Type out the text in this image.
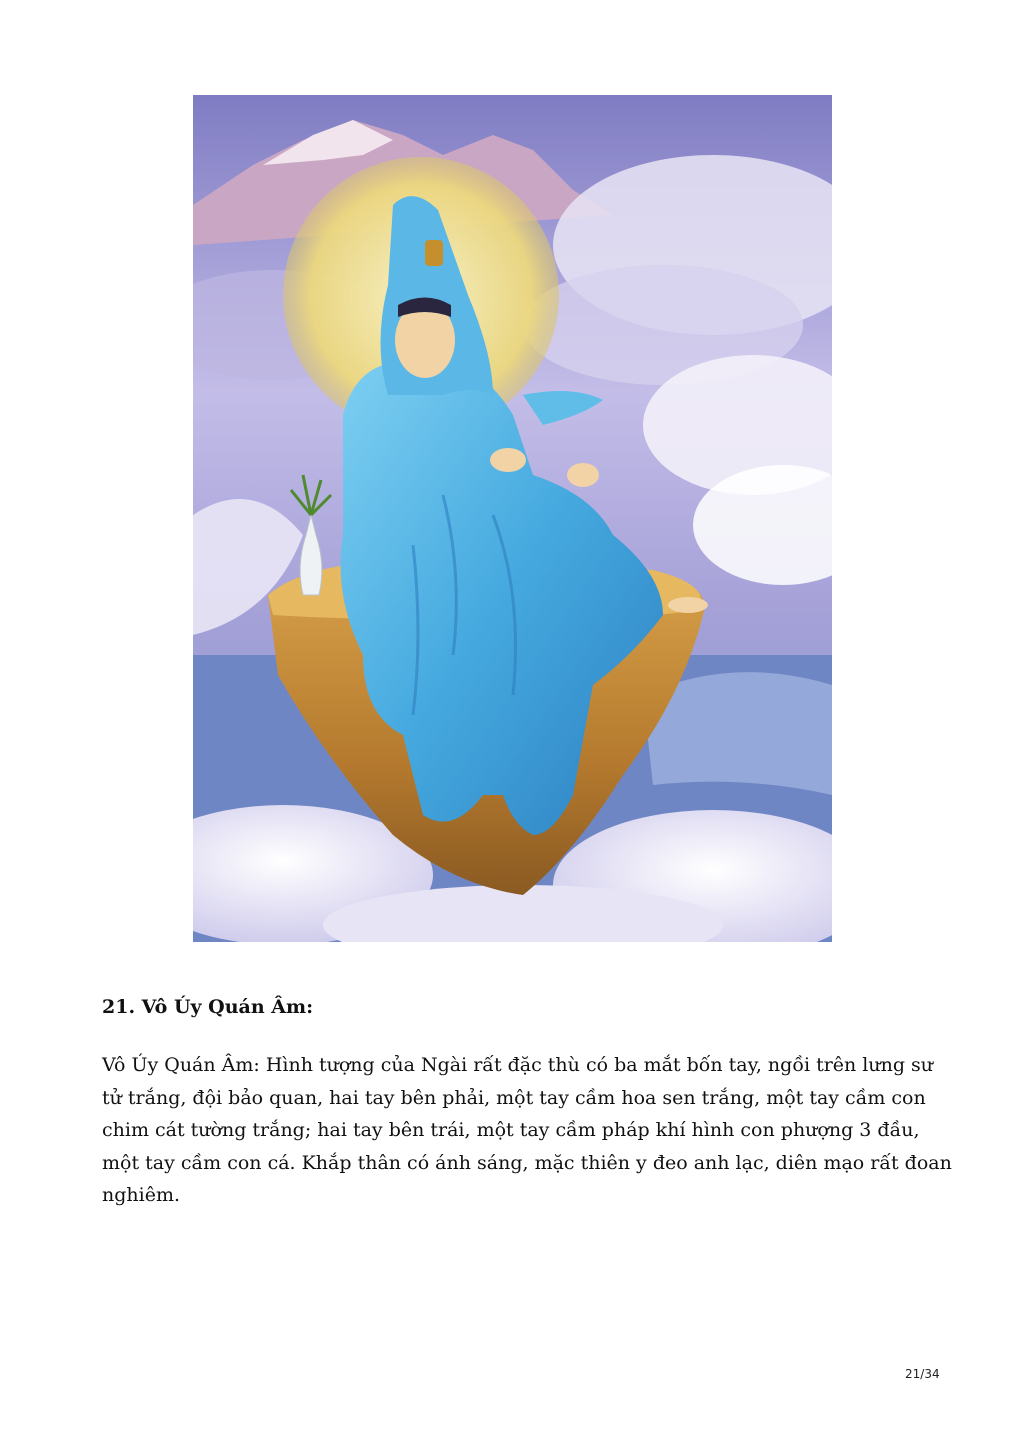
21. Vô Úy Quán Âm:

Vô Úy Quán Âm: Hình tượng của Ngài rất đặc thù có ba mắt bốn tay, ngồi trên lưng sư
tử trắng, đội bảo quan, hai tay bên phải, một tay cầm hoa sen trắng, một tay cầm con
chim cát tường trắng; hai tay bên trái, một tay cầm pháp khí hình con phượng 3 đầu,
một tay cầm con cá. Khắp thân có ánh sáng, mặc thiên y đeo anh lạc, diên mạo rất đoan
nghiêm.

21/34
